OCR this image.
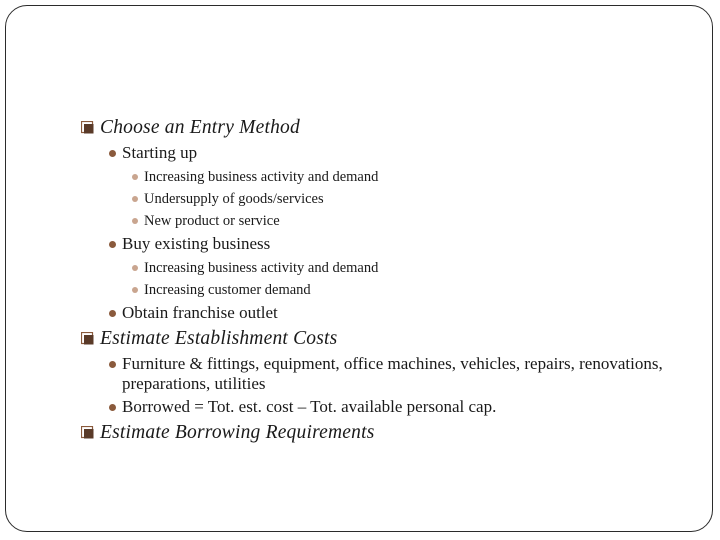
Choose an Entry Method

Starting up
Increasing business activity and demand
Undersupply of goods/services
New product or service
Buy existing business
Increasing business activity and demand
Increasing customer demand
Obtain franchise outlet

Estimate Establishment Costs

Furniture & fittings, equipment, office machines, vehicles, repairs, renovations, preparations, utilities
Borrowed = Tot. est. cost – Tot. available personal cap.

Estimate Borrowing Requirements
